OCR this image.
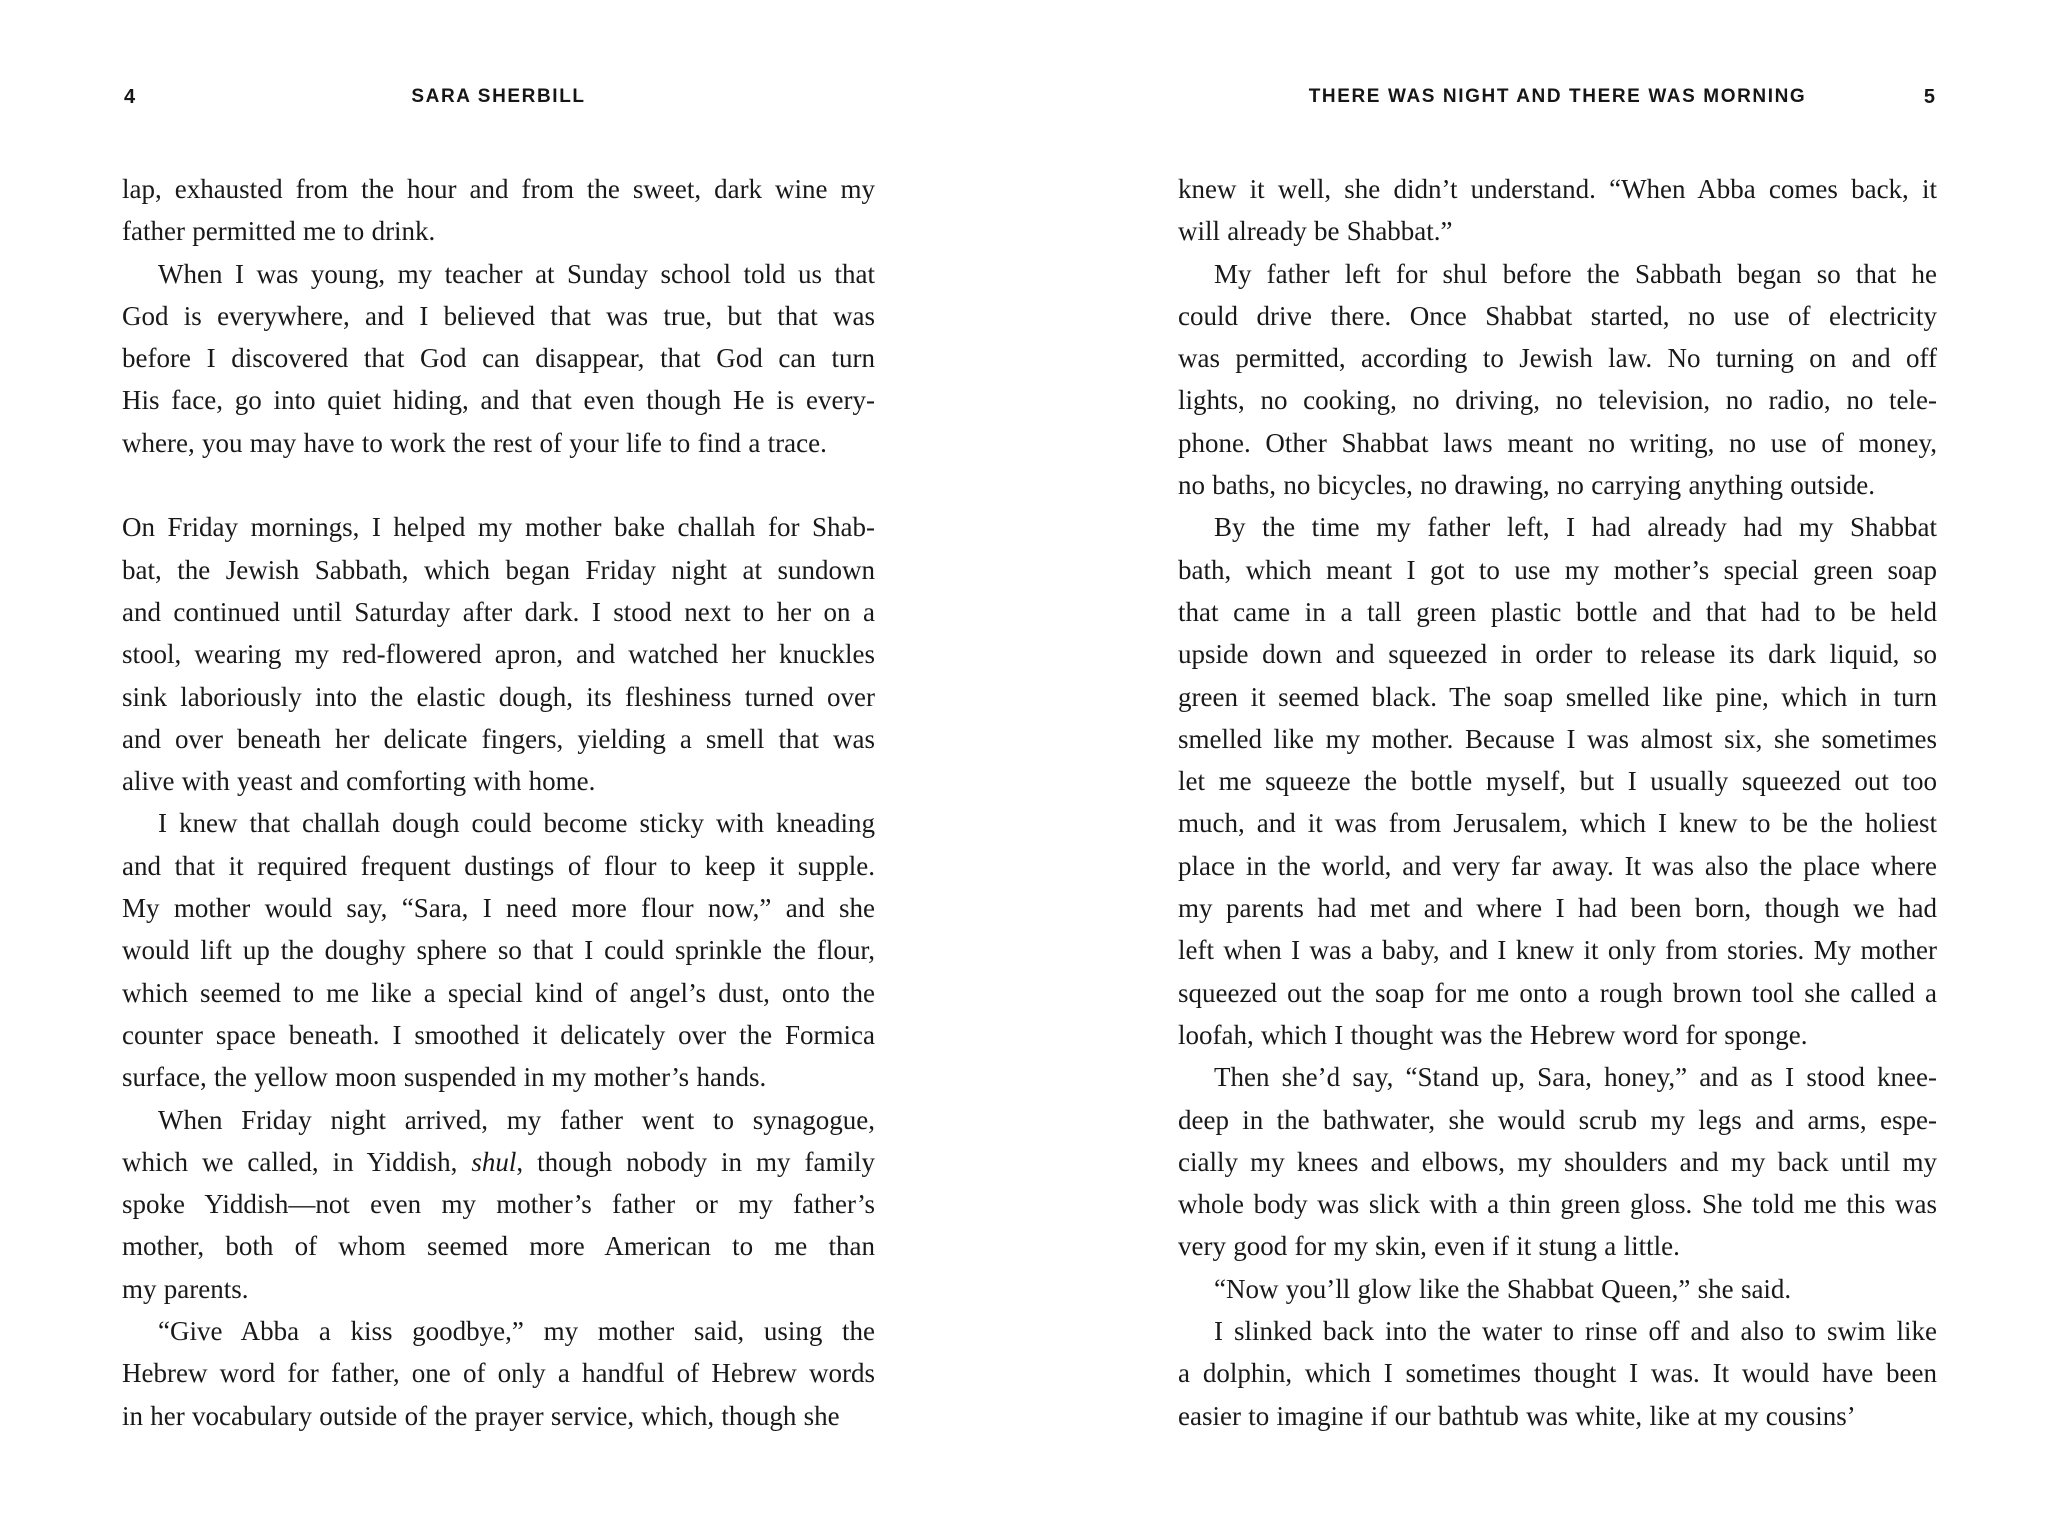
4	SARA SHERBILL
lap, exhausted from the hour and from the sweet, dark wine my
father permitted me to drink.
When I was young, my teacher at Sunday school told us that
God is everywhere, and I believed that was true, but that was
before I discovered that God can disappear, that God can turn
His face, go into quiet hiding, and that even though He is every-
where, you may have to work the rest of your life to find a trace.
On Friday mornings, I helped my mother bake challah for Shab-
bat, the Jewish Sabbath, which began Friday night at sundown
and continued until Saturday after dark. I stood next to her on a
stool, wearing my red-flowered apron, and watched her knuckles
sink laboriously into the elastic dough, its fleshiness turned over
and over beneath her delicate fingers, yielding a smell that was
alive with yeast and comforting with home.
I knew that challah dough could become sticky with kneading
and that it required frequent dustings of flour to keep it supple.
My mother would say, “Sara, I need more flour now,” and she
would lift up the doughy sphere so that I could sprinkle the flour,
which seemed to me like a special kind of angel’s dust, onto the
counter space beneath. I smoothed it delicately over the Formica
surface, the yellow moon suspended in my mother’s hands.
When Friday night arrived, my father went to synagogue,
which we called, in Yiddish, shul, though nobody in my family
spoke Yiddish—not even my mother’s father or my father’s
mother, both of whom seemed more American to me than
my parents.
“Give Abba a kiss goodbye,” my mother said, using the
Hebrew word for father, one of only a handful of Hebrew words
in her vocabulary outside of the prayer service, which, though she
THERE WAS NIGHT AND THERE WAS MORNING	5
knew it well, she didn’t understand. “When Abba comes back, it
will already be Shabbat.”
My father left for shul before the Sabbath began so that he
could drive there. Once Shabbat started, no use of electricity
was permitted, according to Jewish law. No turning on and off
lights, no cooking, no driving, no television, no radio, no tele-
phone. Other Shabbat laws meant no writing, no use of money,
no baths, no bicycles, no drawing, no carrying anything outside.
By the time my father left, I had already had my Shabbat
bath, which meant I got to use my mother’s special green soap
that came in a tall green plastic bottle and that had to be held
upside down and squeezed in order to release its dark liquid, so
green it seemed black. The soap smelled like pine, which in turn
smelled like my mother. Because I was almost six, she sometimes
let me squeeze the bottle myself, but I usually squeezed out too
much, and it was from Jerusalem, which I knew to be the holiest
place in the world, and very far away. It was also the place where
my parents had met and where I had been born, though we had
left when I was a baby, and I knew it only from stories. My mother
squeezed out the soap for me onto a rough brown tool she called a
loofah, which I thought was the Hebrew word for sponge.
Then she’d say, “Stand up, Sara, honey,” and as I stood knee-
deep in the bathwater, she would scrub my legs and arms, espe-
cially my knees and elbows, my shoulders and my back until my
whole body was slick with a thin green gloss. She told me this was
very good for my skin, even if it stung a little.
“Now you’ll glow like the Shabbat Queen,” she said.
I slinked back into the water to rinse off and also to swim like
a dolphin, which I sometimes thought I was. It would have been
easier to imagine if our bathtub was white, like at my cousins’
